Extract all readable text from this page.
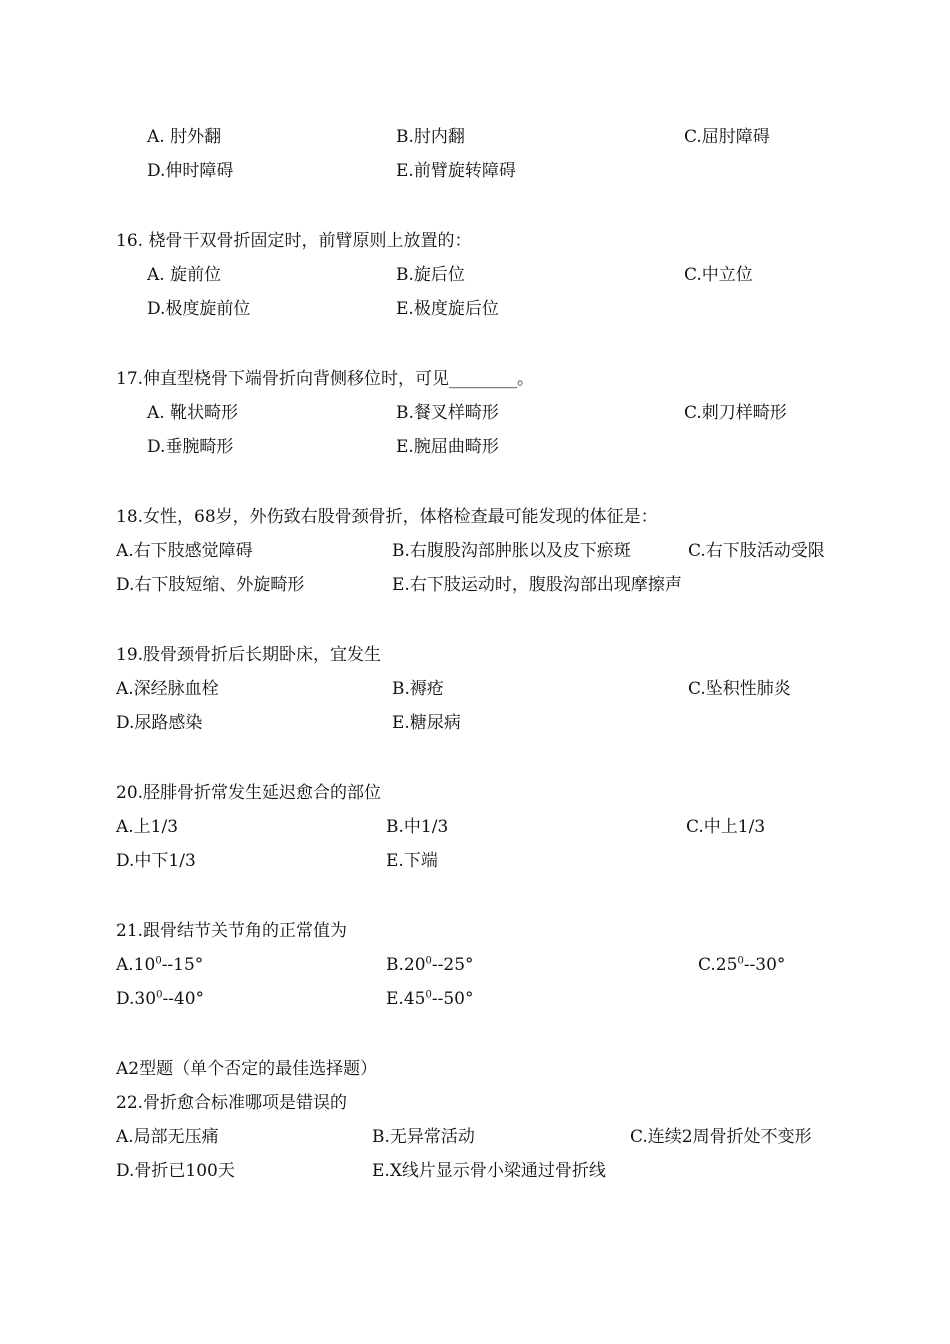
A. 肘外翻	B.肘内翻	C.屈肘障碍
D.伸时障碍	E.前臂旋转障碍
16. 桡骨干双骨折固定时，前臂原则上放置的：
A. 旋前位	B.旋后位	C.中立位
D.极度旋前位	E.极度旋后位
17.伸直型桡骨下端骨折向背侧移位时，可见________。
A. 靴状畸形	B.餐叉样畸形	C.刺刀样畸形
D.垂腕畸形	E.腕屈曲畸形
18.女性，68岁，外伤致右股骨颈骨折，体格检查最可能发现的体征是：
A.右下肢感觉障碍	B.右腹股沟部肿胀以及皮下瘀斑	C.右下肢活动受限
D.右下肢短缩、外旋畸形	E.右下肢运动时，腹股沟部出现摩擦声
19.股骨颈骨折后长期卧床，宜发生
A.深经脉血栓	B.褥疮	C.坠积性肺炎
D.尿路感染	E.糖尿病
20.胫腓骨折常发生延迟愈合的部位
A.上1/3	B.中1/3	C.中上1/3
D.中下1/3	E.下端
21.跟骨结节关节角的正常值为
$A.10^0--15^\circ$	$B.20^0--25^\circ$	$C.25^0--30^\circ$
$D.30^0--40^\circ$	$E.45^0--50^\circ$
A2型题（单个否定的最佳选择题）
22.骨折愈合标准哪项是错误的
A.局部无压痛	B.无异常活动	C.连续2周骨折处不变形
D.骨折已100天	E.X线片显示骨小梁通过骨折线
